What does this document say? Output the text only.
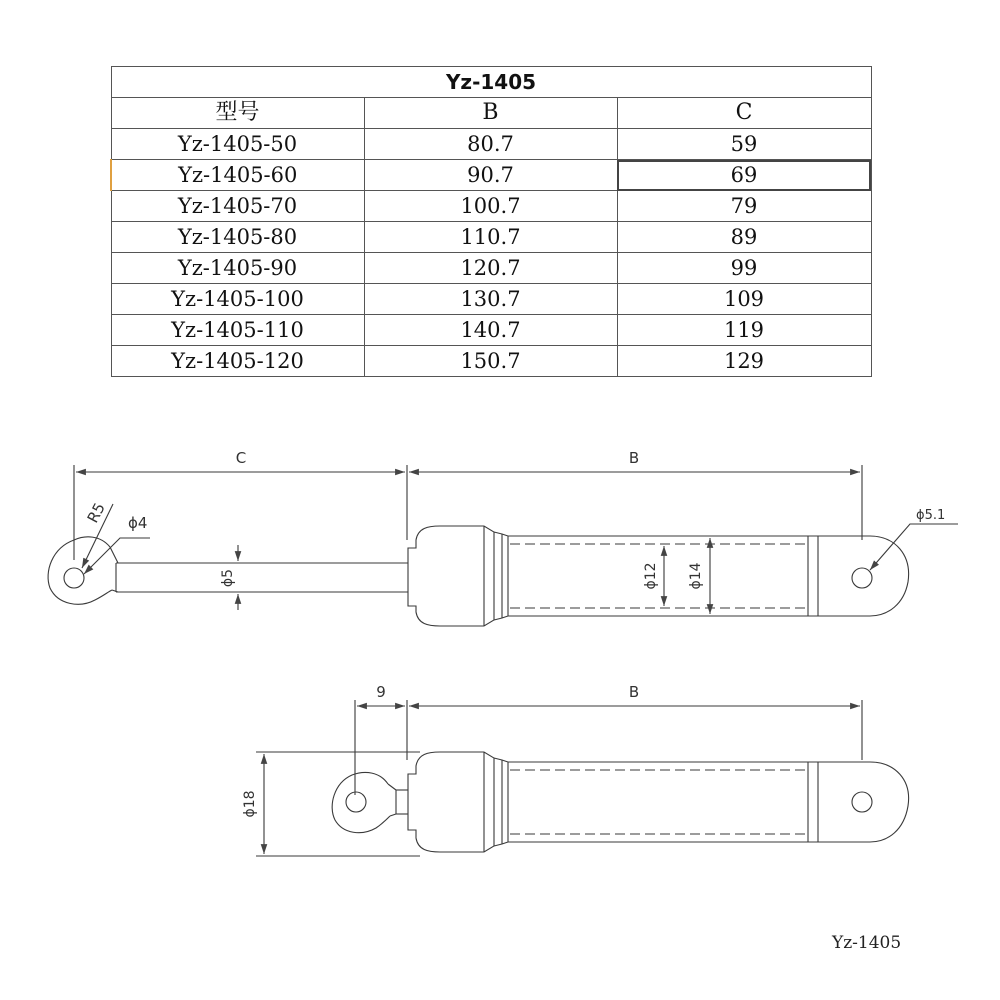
Yz-1405		
型号	B	C
Yz-1405-50	80.7	59
Yz-1405-60	90.7	69
Yz-1405-70	100.7	79
Yz-1405-80	110.7	89
Yz-1405-90	120.7	99
Yz-1405-100	130.7	109
Yz-1405-110	140.7	119
Yz-1405-120	150.7	129
C	B
R5 ϕ4
ϕ5	ϕ12 ϕ14
ϕ5.1
9	B
ϕ18
Yz-1405
